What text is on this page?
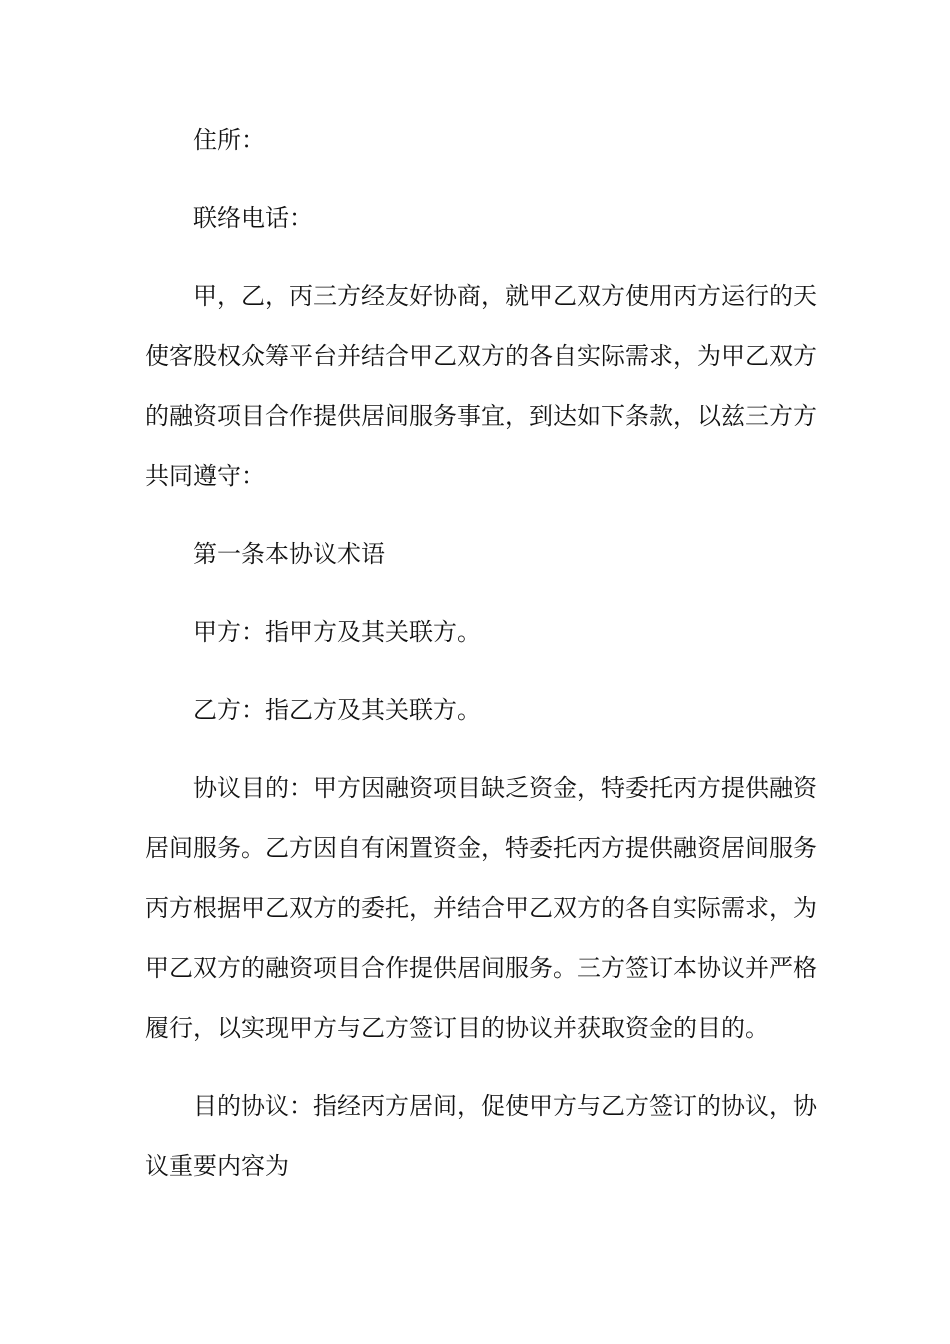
住所：
联络电话：
甲，乙，丙三方经友好协商，就甲乙双方使用丙方运行的天
使客股权众筹平台并结合甲乙双方的各自实际需求，为甲乙双方
的融资项目合作提供居间服务事宜，到达如下条款，以兹三方方
共同遵守：
第一条本协议术语
甲方：指甲方及其关联方。
乙方：指乙方及其关联方。
协议目的：甲方因融资项目缺乏资金，特委托丙方提供融资
居间服务。乙方因自有闲置资金，特委托丙方提供融资居间服务
丙方根据甲乙双方的委托，并结合甲乙双方的各自实际需求，为
甲乙双方的融资项目合作提供居间服务。三方签订本协议并严格
履行，以实现甲方与乙方签订目的协议并获取资金的目的。
目的协议：指经丙方居间，促使甲方与乙方签订的协议，协
议重要内容为
